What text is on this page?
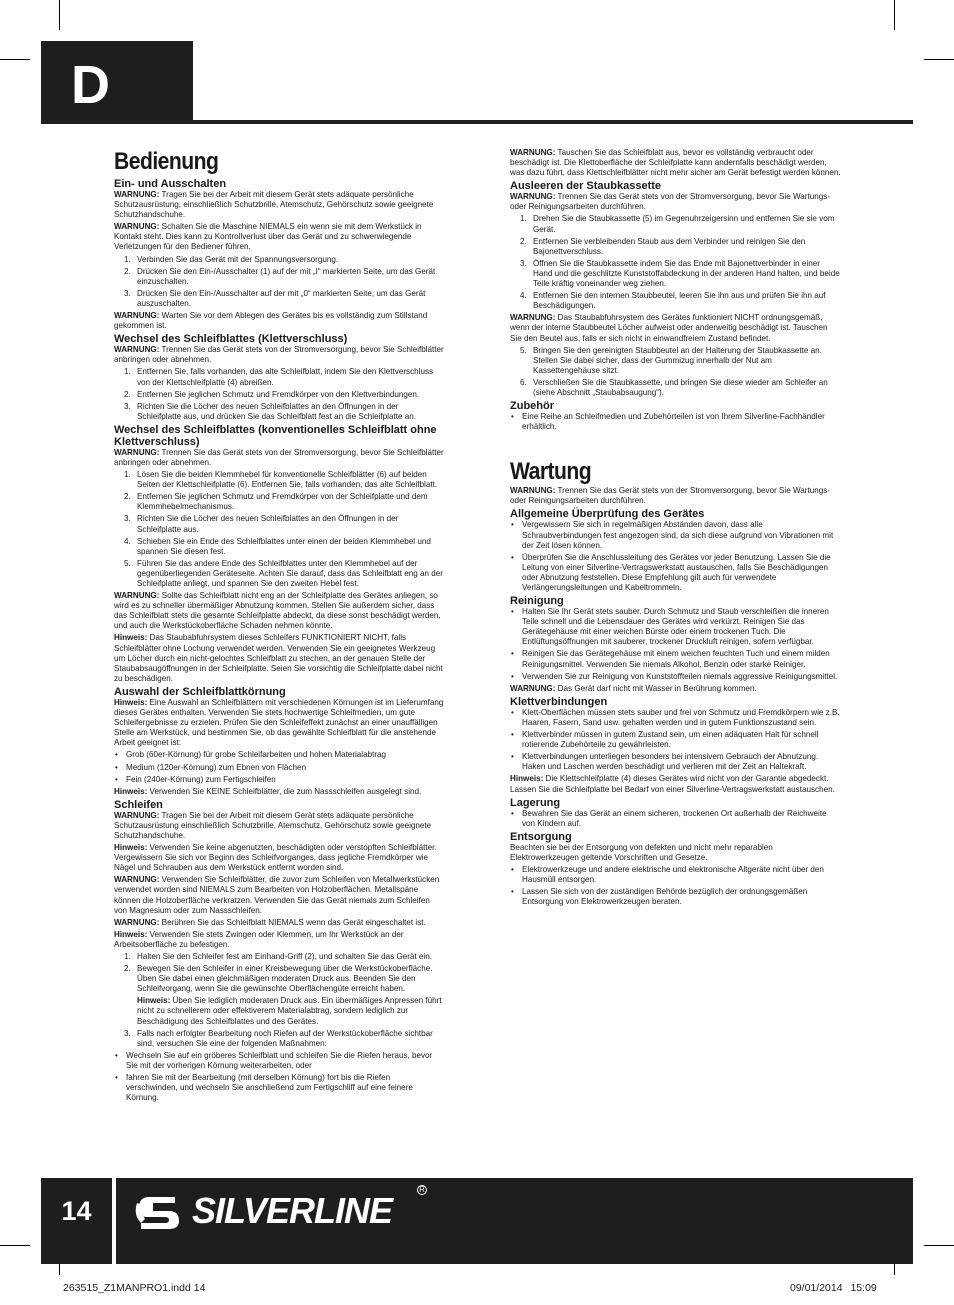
D
Bedienung
Ein- und Ausschalten
WARNUNG: Tragen Sie bei der Arbeit mit diesem Gerät stets adäquate persönliche Schutzausrüstung, einschließlich Schutzbrille, Atemschutz, Gehörschutz sowie geeignete Schutzhandschuhe.
WARNUNG: Schalten Sie die Maschine NIEMALS ein wenn sie mit dem Werkstück in Kontakt steht. Dies kann zu Kontrollverlust über das Gerät und zu schwerwiegende Verletzungen für den Bediener führen.
1. Verbinden Sie das Gerät mit der Spannungsversorgung.
2. Drücken Sie den Ein-/Ausschalter (1) auf der mit „I“ markierten Seite, um das Gerät einzuschalten.
3. Drücken Sie den Ein-/Ausschalter auf der mit „0“ markierten Seite, um das Gerät auszuschalten.
WARNUNG: Warten Sie vor dem Ablegen des Gerätes bis es vollständig zum Stillstand gekommen ist.
Wechsel des Schleifblattes (Klettverschluss)
WARNUNG: Trennen Sie das Gerät stets von der Stromversorgung, bevor Sie Schleifblätter anbringen oder abnehmen.
1. Entfernen Sie, falls vorhanden, das alte Schleifblatt, indem Sie den Klettverschluss von der Klettschleifplatte (4) abreißen.
2. Entfernen Sie jeglichen Schmutz und Fremdkörper von den Klettverbindungen.
3. Richten Sie die Löcher des neuen Schleifblattes an den Öffnungen in der Schleifplatte aus, und drücken Sie das Schleifblatt fest an die Schleifplatte an.
Wechsel des Schleifblattes (konventionelles Schleifblatt ohne Klettverschluss)
WARNUNG: Trennen Sie das Gerät stets von der Stromversorgung, bevor Sie Schleifblätter anbringen oder abnehmen.
1. Lösen Sie die beiden Klemmhebel für konventionelle Schleifblätter (6) auf beiden Seiten der Klettschleifplatte (6). Entfernen Sie, falls vorhanden, das alte Schleifblatt.
2. Entfernen Sie jeglichen Schmutz und Fremdkörper von der Schleifplatte und dem Klemmhebelmechanismus.
3. Richten Sie die Löcher des neuen Schleifblattes an den Öffnungen in der Schleifplatte aus.
4. Schieben Sie ein Ende des Schleifblattes unter einen der beiden Klemmhebel und spannen Sie diesen fest.
5. Führen Sie das andere Ende des Schleifblattes unter den Klemmhebel auf der gegenüberliegenden Geräteseite. Achten Sie darauf, dass das Schleifblatt eng an der Schleifplatte anliegt, und spannen Sie den zweiten Hebel fest.
WARNUNG: Sollte das Schleifblatt nicht eng an der Schleifplatte des Gerätes anliegen, so wird es zu schneller übermäßiger Abnutzung kommen. Stellen Sie außerdem sicher, dass das Schleifblatt stets die gesamte Schleifplatte abdeckt, da diese sonst beschädigt werden, und auch die Werkstückoberfläche Schaden nehmen könnte.
Hinweis: Das Staubabfuhrsystem dieses Schleifers FUNKTIONIERT NICHT, falls Schleifblätter ohne Lochung verwendet werden. Verwenden Sie ein geeignetes Werkzeug um Löcher durch ein nicht-gelochtes Schleifblatt zu stechen, an der genauen Stelle der Staubabsaugöffnungen in der Schleifplatte. Seien Sie vorsichtig die Schleifplatte dabei nicht zu beschädigen.
Auswahl der Schleifblattkörnung
Hinweis: Eine Auswahl an Schleifblättern mit verschiedenen Körnungen ist im Lieferumfang dieses Gerätes enthalten. Verwenden Sie stets hochwertige Schleifmedien, um gute Schleifergebnisse zu erzielen. Prüfen Sie den Schleifeffekt zunächst an einer unauffälligen Stelle am Werkstück, und bestimmen Sie, ob das gewählte Schleifblatt für die anstehende Arbeit geeignet ist:
• Grob (60er-Körnung) für grobe Schleifarbeiten und hohen Materialabtrag
• Medium (120er-Körnung) zum Ebnen von Flächen
• Fein (240er-Körnung) zum Fertigschleifen
Hinweis: Verwenden Sie KEINE Schleifblätter, die zum Nassschleifen ausgelegt sind.
Schleifen
WARNUNG: Tragen Sie bei der Arbeit mit diesem Gerät stets adäquate persönliche Schutzausrüstung einschließlich Schutzbrille, Atemschutz, Gehörschutz sowie geeignete Schutzhandschuhe.
Hinweis: Verwenden Sie keine abgenutzten, beschädigten oder verstopften Schleifblätter. Vergewissern Sie sich vor Beginn des Schleifvorganges, dass jegliche Fremdkörper wie Nägel und Schrauben aus dem Werkstück entfernt worden sind.
WARNUNG: Verwenden Sie Schleifblätter, die zuvor zum Schleifen von Metallwerkstücken verwendet worden sind NIEMALS zum Bearbeiten von Holzoberflächen. Metallspäne können die Holzoberfläche verkratzen. Verwenden Sie das Gerät niemals zum Schleifen von Magnesium oder zum Nassschleifen.
WARNUNG: Berühren Sie das Schleifblatt NIEMALS wenn das Gerät eingeschaltet ist.
Hinweis: Verwenden Sie stets Zwingen oder Klemmen, um Ihr Werkstück an der Arbeitsoberfläche zu befestigen.
1. Halten Sie den Schleifer fest am Einhand-Griff (2), und schalten Sie das Gerät ein.
2. Bewegen Sie den Schleifer in einer Kreisbewegung über die Werkstückoberfläche. Üben Sie dabei einen gleichmäßigen moderaten Druck aus. Beenden Sie den Schleifvorgang, wenn Sie die gewünschte Oberflächengüte erreicht haben.
Hinweis: Üben Sie lediglich moderaten Druck aus. Ein übermäßiges Anpressen führt nicht zu schnellerem oder effektiverem Materialabtrag, sondern lediglich zur Beschädigung des Schleifblattes und des Gerätes.
3. Falls nach erfolgter Bearbeitung noch Riefen auf der Werkstückoberfläche sichtbar sind, versuchen Sie eine der folgenden Maßnahmen:
• Wechseln Sie auf ein gröberes Schleifblatt und schleifen Sie die Riefen heraus, bevor Sie mit der vorherigen Körnung weiterarbeiten, oder
• fahren Sie mit der Bearbeitung (mit derselben Körnung) fort bis die Riefen verschwinden, und wechseln Sie anschließend zum Fertigschliff auf eine feinere Körnung.
WARNUNG: Tauschen Sie das Schleifblatt aus, bevor es vollständig verbraucht oder beschädigt ist. Die Klettoberfläche der Schleifplatte kann andernfalls beschädigt werden, was dazu führt, dass Klettschleifblätter nicht mehr sicher am Gerät befestigt werden können.
Ausleeren der Staubkassette
WARNUNG: Trennen Sie das Gerät stets von der Stromversorgung, bevor Sie Wartungs- oder Reinigungsarbeiten durchführen.
1. Drehen Sie die Staubkassette (5) im Gegenuhrzeigersinn und entfernen Sie sie vom Gerät.
2. Entfernen Sie verbleibenden Staub aus dem Verbinder und reinigen Sie den Bajonettverschluss.
3. Öffnen Sie die Staubkassette indem Sie das Ende mit Bajonettverbinder in einer Hand und die geschlitzte Kunststoffabdeckung in der anderen Hand halten, und beide Teile kräftig voneinander weg ziehen.
4. Entfernen Sie den internen Staubbeutel, leeren Sie ihn aus und prüfen Sie ihn auf Beschädigungen.
WARNUNG: Das Staubabfuhrsystem des Gerätes funktioniert NICHT ordnungsgemäß, wenn der interne Staubbeutel Löcher aufweist oder anderweitig beschädigt ist. Tauschen Sie den Beutel aus, falls er sich nicht in einwandfreiem Zustand befindet.
5. Bringen Sie den gereinigten Staubbeutel an der Halterung der Staubkassette an. Stellen Sie dabei sicher, dass der Gummizug innerhalb der Nut am Kassettengehäuse sitzt.
6. Verschließen Sie die Staubkassette, und bringen Sie diese wieder am Schleifer an (siehe Abschnitt „Staubabsaugung“).
Zubehör
• Eine Reihe an Schleifmedien und Zubehörteilen ist von Ihrem Silverline-Fachhändler erhältlich.
Wartung
WARNUNG: Trennen Sie das Gerät stets von der Stromversorgung, bevor Sie Wartungs- oder Reinigungsarbeiten durchführen.
Allgemeine Überprüfung des Gerätes
• Vergewissern Sie sich in regelmäßigen Abständen davon, dass alle Schraubverbindungen fest angezogen sind, da sich diese aufgrund von Vibrationen mit der Zeit lösen können.
• Überprüfen Sie die Anschlussleitung des Gerätes vor jeder Benutzung. Lassen Sie die Leitung von einer Silverline-Vertragswerkstatt austauschen, falls Sie Beschädigungen oder Abnutzung feststellen. Diese Empfehlung gilt auch für verwendete Verlängerungsleitungen und Kabeltrommeln.
Reinigung
• Halten Sie Ihr Gerät stets sauber. Durch Schmutz und Staub verschleißen die inneren Teile schnell und die Lebensdauer des Gerätes wird verkürzt. Reinigen Sie das Gerätegehäuse mit einer weichen Bürste oder einem trockenen Tuch. Die Entlüftungsöffnungen mit sauberer, trockener Druckluft reinigen, sofern verfügbar.
• Reinigen Sie das Gerätegehäuse mit einem weichen feuchten Tuch und einem milden Reinigungsmittel. Verwenden Sie niemals Alkohol, Benzin oder starke Reiniger.
• Verwenden Sie zur Reinigung von Kunststoffteilen niemals aggressive Reinigungsmittel.
WARNUNG: Das Gerät darf nicht mit Wasser in Berührung kommen.
Klettverbindungen
• Klett-Oberflächen müssen stets sauber und frei von Schmutz und Fremdkörpern wie z.B. Haaren, Fasern, Sand usw. gehalten werden und in gutem Funktionszustand sein.
• Klettverbinder müssen in gutem Zustand sein, um einen adäquaten Halt für schnell rotierende Zubehörteile zu gewährleisten.
• Klettverbindungen unterliegen besonders bei intensivem Gebrauch der Abnutzung. Haken und Laschen werden beschädigt und verlieren mit der Zeit an Haltekraft.
Hinweis: Die Klettschleifplatte (4) dieses Gerätes wird nicht von der Garantie abgedeckt. Lassen Sie die Schleifplatte bei Bedarf von einer Silverline-Vertragswerkstatt austauschen.
Lagerung
• Bewahren Sie das Gerät an einem sicheren, trockenen Ort außerhalb der Reichweite von Kindern auf.
Entsorgung
Beachten sie bei der Entsorgung von defekten und nicht mehr reparablen Elektrowerkzeugen geltende Vorschriften und Gesetze.
• Elektrowerkzeuge und andere elektrische und elektronische Altgeräte nicht über den Hausmüll entsorgen.
• Lassen Sie sich von der zuständigen Behörde bezüglich der ordnungsgemäßen Entsorgung von Elektrowerkzeugen beraten.
14	SILVERLINE
R
263515_Z1MANPRO1.indd 14	09/01/2014 15:09
